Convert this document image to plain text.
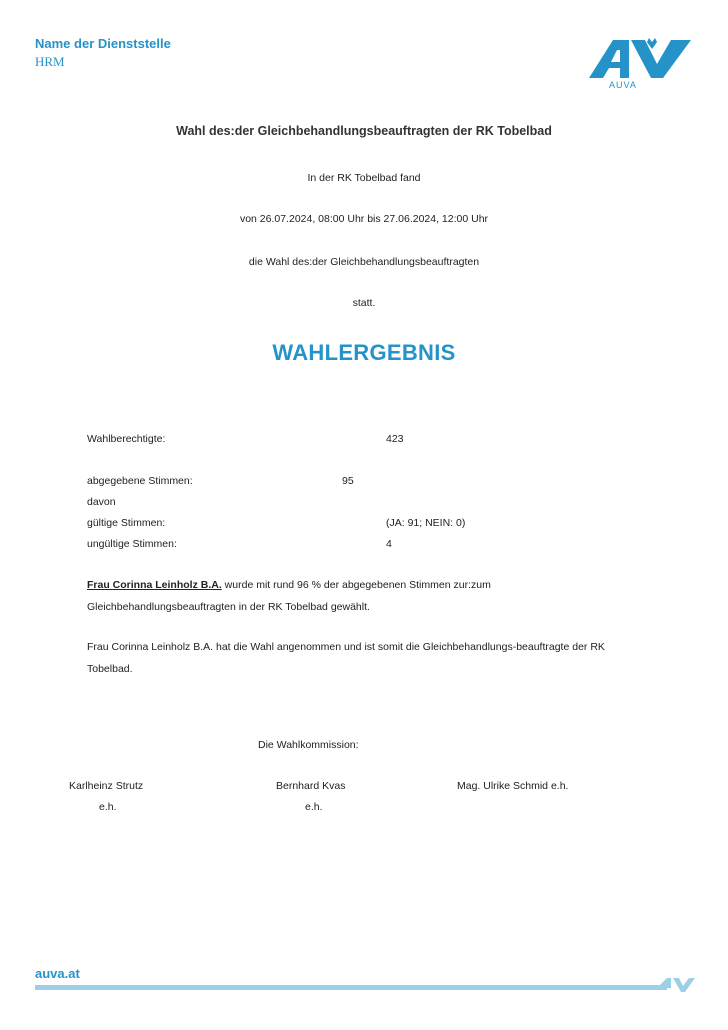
Name der Dienststelle
HRM
AUVA
Wahl des:der Gleichbehandlungsbeauftragten der RK Tobelbad
In der RK Tobelbad fand
von 26.07.2024, 08:00 Uhr bis 27.06.2024, 12:00 Uhr
die Wahl des:der Gleichbehandlungsbeauftragten
statt.
WAHLERGEBNIS
Wahlberechtigte:	423
abgegebene Stimmen:	95
davon
gültige Stimmen:	(JA: 91; NEIN: 0)
ungültige Stimmen:	4
Frau Corinna Leinholz B.A. wurde mit rund 96 % der abgegebenen Stimmen zur:zum
Gleichbehandlungsbeauftragten in der RK Tobelbad gewählt.
Frau Corinna Leinholz B.A. hat die Wahl angenommen und ist somit die Gleichbehandlungs-beauftragte der RK
Tobelbad.
Die Wahlkommission:
Karlheinz Strutz
e.h.
Bernhard Kvas
e.h.
Mag. Ulrike Schmid e.h.
auva.at
